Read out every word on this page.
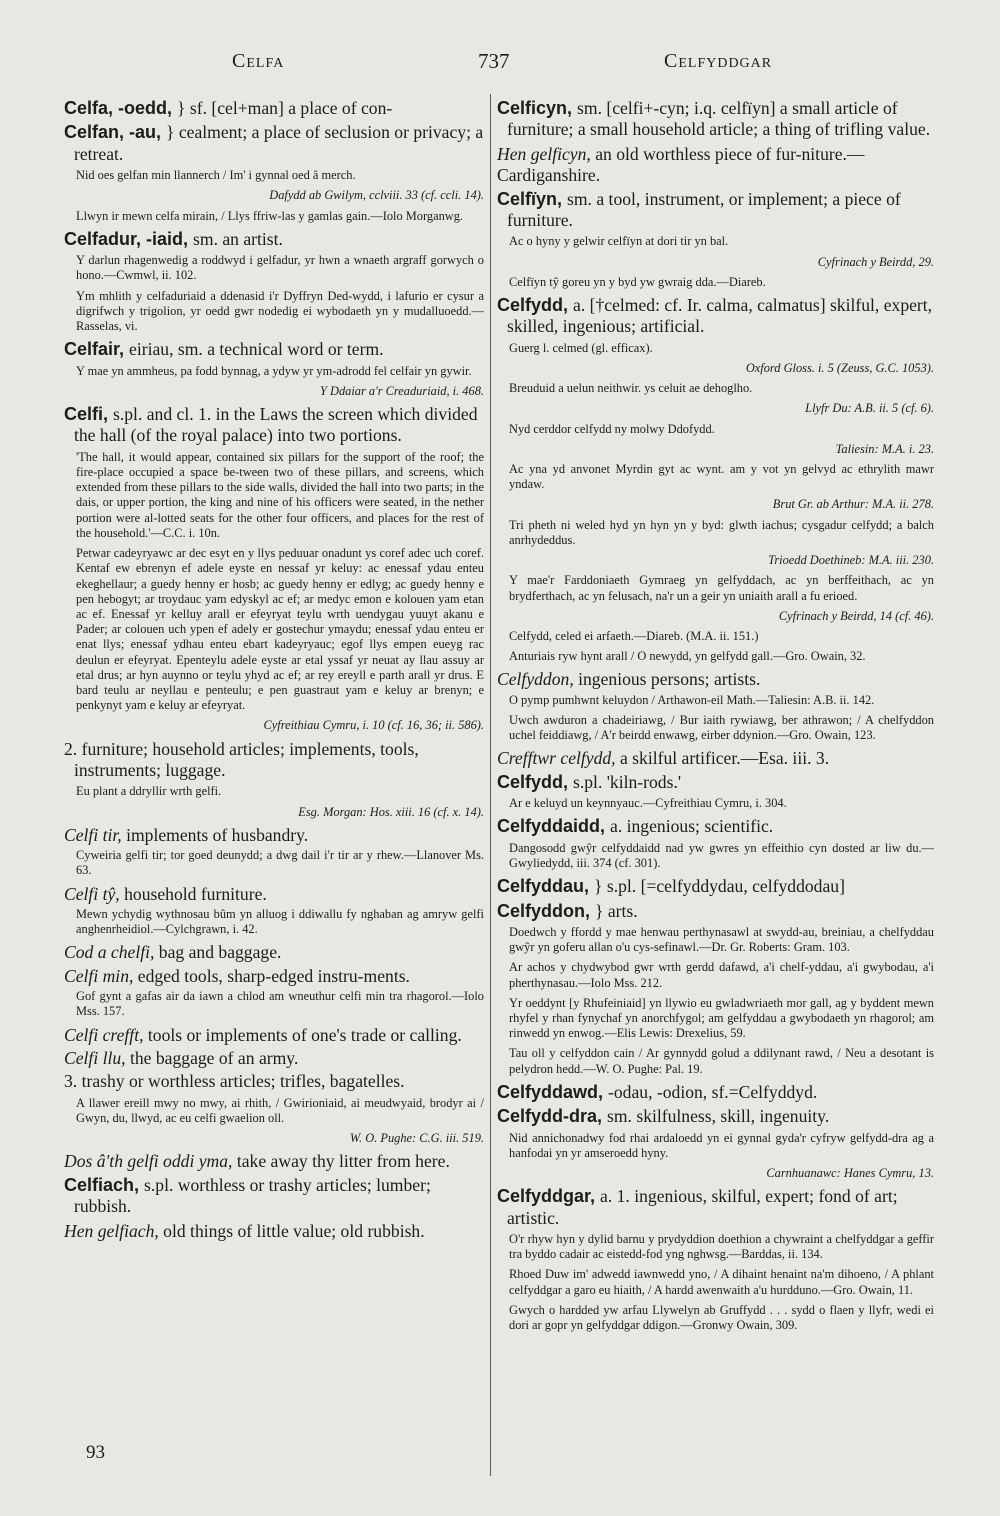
Celfa	737	Celfyddgar
Celfa, -oedd, } sf. [cel+man] a place of con-
Celfan, -au, } cealment; a place of seclusion or privacy; a retreat.
Nid oes gelfan min llannerch / Im' i gynnal oed â merch.
Dafydd ab Gwilym, cclviii. 33 (cf. ccli. 14).
Llwyn ir mewn celfa mirain, / Llys ffriw-las y gamlas gain.—Iolo Morganwg.
Celfadur, -iaid, sm. an artist.
Y darlun rhagenwedig a roddwyd i gelfadur, yr hwn a wnaeth argraff gorwych o hono.—Cwmwl, ii. 102.
Ym mhlith y celfaduriaid a ddenasid i'r Dyffryn Ded-wydd, i lafurio er cysur a digrifwch y trigolion, yr oedd gwr nodedig ei wybodaeth yn y mudalluoedd.—Rasselas, vi.
Celfair, eiriau, sm. a technical word or term.
Y mae yn ammheus, pa fodd bynnag, a ydyw yr ym-adrodd fel celfair yn gywir.
Y Ddaiar a'r Creaduriaid, i. 468.
Celfi, s.pl. and cl. 1. in the Laws the screen which divided the hall (of the royal palace) into two portions.
'The hall, it would appear, contained six pillars for the support of the roof; the fire-place occupied a space be-tween two of these pillars, and screens, which extended from these pillars to the side walls, divided the hall into two parts; in the dais, or upper portion, the king and nine of his officers were seated, in the nether portion were al-lotted seats for the other four officers, and places for the rest of the household.'—C.C. i. 10n.
Petwar cadeyryawc ar dec esyt en y llys peduuar onadunt ys coref adec uch coref. Kentaf ew ebrenyn ef adele eyste en nessaf yr keluy: ac enessaf ydau enteu ekeghellaur; a guedy henny er hosb; ac guedy henny er edlyg; ac guedy henny e pen hebogyt; ar troydauc yam edyskyl ac ef; ar medyc emon e kolouen yam etan ac ef. Enessaf yr kelluy arall er efeyryat teylu wrth uendygau yuuyt akanu e Pader; ar colouen uch ypen ef adely er gostechur ymaydu; enessaf ydau enteu er enat llys; enessaf ydhau enteu ebart kadeyryauc; egof llys empen eueyg rac deulun er efeyryat. Epenteylu adele eyste ar etal yssaf yr neuat ay llau assuy ar etal drus; ar hyn auynno or teylu yhyd ac ef; ar rey ereyll e parth arall yr drus. E bard teulu ar neyllau e penteulu; e pen guastraut yam e keluy ar brenyn; e penkynyt yam e keluy ar efeyryat.
Cyfreithiau Cymru, i. 10 (cf. 16, 36; ii. 586).
2. furniture; household articles; implements, tools, instruments; luggage.
Eu plant a ddryllir wrth gelfi.
Esg. Morgan: Hos. xiii. 16 (cf. x. 14).
Celfi tir, implements of husbandry.
Cyweiria gelfi tir; tor goed deunydd; a dwg dail i'r tir ar y rhew.—Llanover Ms. 63.
Celfi tŷ, household furniture.
Mewn ychydig wythnosau bûm yn alluog i ddiwallu fy nghaban ag amryw gelfi anghenrheidiol.—Cylchgrawn, i. 42.
Cod a chelfi, bag and baggage.
Celfi min, edged tools, sharp-edged instru-ments.
Gof gynt a gafas air da iawn a chlod am wneuthur celfi min tra rhagorol.—Iolo Mss. 157.
Celfi crefft, tools or implements of one's trade or calling.
Celfi llu, the baggage of an army.
3. trashy or worthless articles; trifles, bagatelles.
A llawer ereill mwy no mwy, ai rhith, / Gwirioniaid, ai meudwyaid, brodyr ai / Gwyn, du, llwyd, ac eu celfi gwaelion oll.
W. O. Pughe: C.G. iii. 519.
Dos â'th gelfi oddi yma, take away thy litter from here.
Celfiach, s.pl. worthless or trashy articles; lumber; rubbish.
Hen gelfiach, old things of little value; old rubbish.
Celficyn, sm. [celfi+-cyn; i.q. celfïyn] a small article of furniture; a small household article; a thing of trifling value.
Hen gelficyn, an old worthless piece of fur-niture.—Cardiganshire.
Celfïyn, sm. a tool, instrument, or implement; a piece of furniture.
Ac o hyny y gelwir celfïyn at dori tir yn bal.
Cyfrinach y Beirdd, 29.
Celfïyn tŷ goreu yn y byd yw gwraig dda.—Diareb.
Celfydd, a. [†celmed: cf. Ir. calma, calmatus] skilful, expert, skilled, ingenious; artificial.
Guerg l. celmed (gl. efficax).
Oxford Gloss. i. 5 (Zeuss, G.C. 1053).
Breuduid a uelun neithwir. ys celuit ae dehoglho.
Llyfr Du: A.B. ii. 5 (cf. 6).
Nyd cerddor celfydd ny molwy Ddofydd.
Taliesin: M.A. i. 23.
Ac yna yd anvonet Myrdin gyt ac wynt. am y vot yn gelvyd ac ethrylith mawr yndaw.
Brut Gr. ab Arthur: M.A. ii. 278.
Tri pheth ni weled hyd yn hyn yn y byd: glwth iachus; cysgadur celfydd; a balch anrhydeddus.
Trioedd Doethineb: M.A. iii. 230.
Y mae'r Farddoniaeth Gymraeg yn gelfyddach, ac yn berffeithach, ac yn brydferthach, ac yn felusach, na'r un a geir yn uniaith arall a fu erioed.
Cyfrinach y Beirdd, 14 (cf. 46).
Celfydd, celed ei arfaeth.—Diareb. (M.A. ii. 151.)
Anturiais ryw hynt arall / O newydd, yn gelfydd gall.—Gro. Owain, 32.
Celfyddon, ingenious persons; artists.
O pymp pumhwnt keluydon / Arthawon-eil Math.—Taliesin: A.B. ii. 142.
Uwch awduron a chadeiriawg, / Bur iaith rywiawg, ber athrawon; / A chelfyddon uchel feiddiawg, / A'r beirdd enwawg, eirber ddynion.—Gro. Owain, 123.
Crefftwr celfydd, a skilful artificer.—Esa. iii. 3.
Celfydd, s.pl. 'kiln-rods.'
Ar e keluyd un keynnyauc.—Cyfreithiau Cymru, i. 304.
Celfyddaidd, a. ingenious; scientific.
Dangosodd gwŷr celfyddaidd nad yw gwres yn effeithio cyn dosted ar liw du.—Gwyliedydd, iii. 374 (cf. 301).
Celfyddau, } s.pl. [=celfyddydau, celfyddodau]
Celfyddon, } arts.
Doedwch y ffordd y mae henwau perthynasawl at swydd-au, breiniau, a chelfyddau gwŷr yn goferu allan o'u cys-sefinawl.—Dr. Gr. Roberts: Gram. 103.
Ar achos y chydwybod gwr wrth gerdd dafawd, a'i chelf-yddau, a'i gwybodau, a'i pherthynasau.—Iolo Mss. 212.
Yr oeddynt [y Rhufeiniaid] yn llywio eu gwladwriaeth mor gall, ag y byddent mewn rhyfel y rhan fynychaf yn anorchfygol; am gelfyddau a gwybodaeth yn rhagorol; am rinwedd yn enwog.—Elis Lewis: Drexelius, 59.
Tau oll y celfyddon cain / Ar gynnydd golud a ddilynant rawd, / Neu a desotant is pelydron hedd.—W. O. Pughe: Pal. 19.
Celfyddawd, -odau, -odion, sf.=Celfyddyd.
Celfydd-dra, sm. skilfulness, skill, ingenuity.
Nid annichonadwy fod rhai ardaloedd yn ei gynnal gyda'r cyfryw gelfydd-dra ag a hanfodai yn yr amseroedd hyny.
Carnhuanawc: Hanes Cymru, 13.
Celfyddgar, a. 1. ingenious, skilful, expert; fond of art; artistic.
O'r rhyw hyn y dylid barnu y prydyddion doethion a chywraint a chelfyddgar a geffir tra byddo cadair ac eistedd-fod yng nghwsg.—Barddas, ii. 134.
Rhoed Duw im' adwedd iawnwedd yno, / A dihaint henaint na'm dihoeno, / A phlant celfyddgar a garo eu hiaith, / A hardd awenwaith a'u hurdduno.—Gro. Owain, 11.
Gwych o hardded yw arfau Llywelyn ab Gruffydd . . . sydd o flaen y llyfr, wedi ei dori ar gopr yn gelfyddgar ddigon.—Gronwy Owain, 309.
93
